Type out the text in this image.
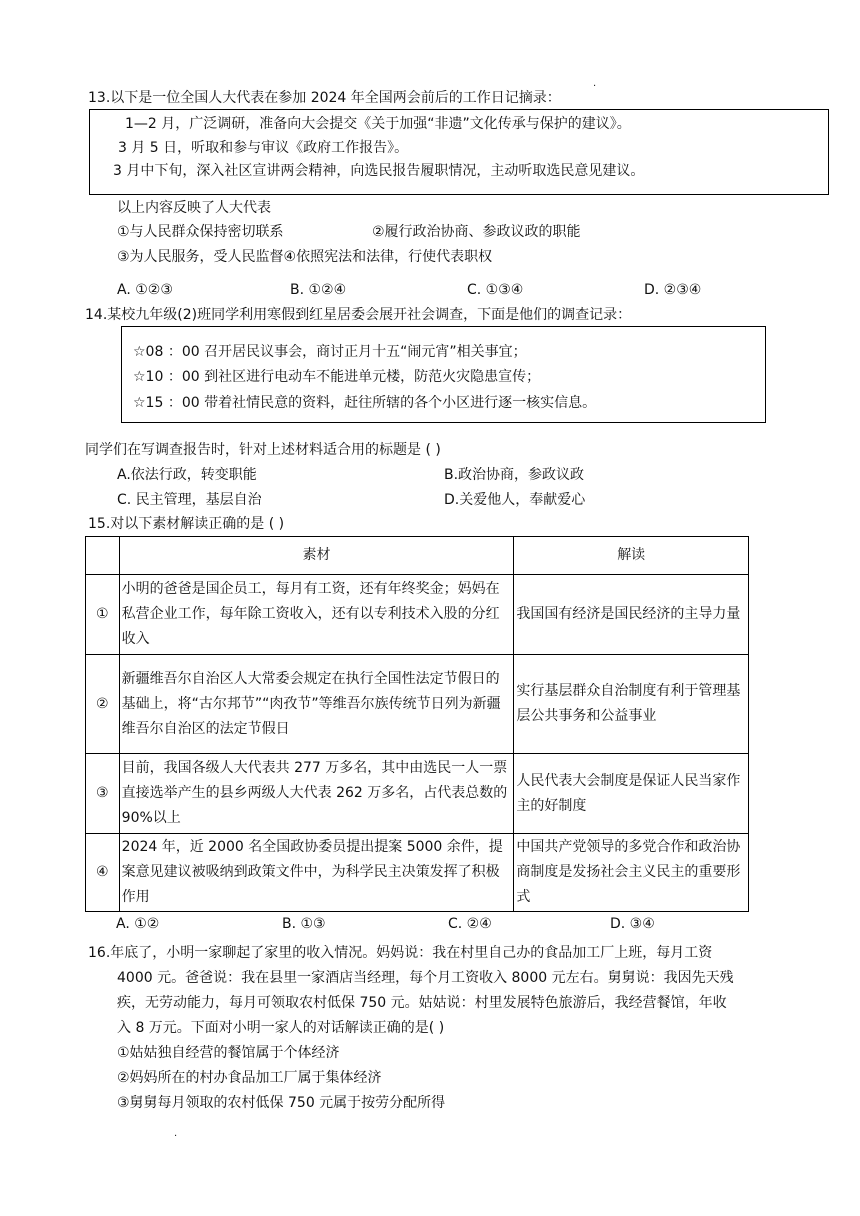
.
13.以下是一位全国人大代表在参加 2024 年全国两会前后的工作日记摘录：
1—2 月，广泛调研，准备向大会提交《关于加强“非遗”文化传承与保护的建议》。
3 月 5 日，听取和参与审议《政府工作报告》。
3 月中下旬，深入社区宣讲两会精神，向选民报告履职情况，主动听取选民意见建议。
以上内容反映了人大代表
①与人民群众保持密切联系	②履行政治协商、参政议政的职能
③为人民服务，受人民监督④依照宪法和法律，行使代表职权
A. ①②③	B. ①②④	C. ①③④	D. ②③④
14.某校九年级(2)班同学利用寒假到红星居委会展开社会调查，下面是他们的调查记录：
☆08 ：00 召开居民议事会，商讨正月十五“闹元宵”相关事宜；
☆10 ：00 到社区进行电动车不能进单元楼，防范火灾隐患宣传；
☆15 ：00 带着社情民意的资料，赶往所辖的各个小区进行逐一核实信息。
同学们在写调查报告时，针对上述材料适合用的标题是 ( )
A.依法行政，转变职能	B.政治协商，参政议政
C. 民主管理，基层自治	D.关爱他人，奉献爱心
15.对以下素材解读正确的是 ( )
	素材	解读
①	小明的爸爸是国企员工，每月有工资，还有年终奖金；妈妈在私营企业工作，每年除工资收入，还有以专利技术入股的分红收入	我国国有经济是国民经济的主导力量
②	新疆维吾尔自治区人大常委会规定在执行全国性法定节假日的基础上，将“古尔邦节”“肉孜节”等维吾尔族传统节日列为新疆维吾尔自治区的法定节假日	实行基层群众自治制度有利于管理基层公共事务和公益事业
③	目前，我国各级人大代表共 277 万多名，其中由选民一人一票直接选举产生的县乡两级人大代表 262 万多名，占代表总数的 90%以上	人民代表大会制度是保证人民当家作主的好制度
④	2024 年，近 2000 名全国政协委员提出提案 5000 余件，提案意见建议被吸纳到政策文件中，为科学民主决策发挥了积极作用	中国共产党领导的多党合作和政治协商制度是发扬社会主义民主的重要形式
A. ①②	B. ①③	C. ②④	D. ③④
16.年底了，小明一家聊起了家里的收入情况。妈妈说：我在村里自己办的食品加工厂上班，每月工资
4000 元。爸爸说：我在县里一家酒店当经理，每个月工资收入 8000 元左右。舅舅说：我因先天残
疾，无劳动能力，每月可领取农村低保 750 元。姑姑说：村里发展特色旅游后，我经营餐馆，年收
入 8 万元。下面对小明一家人的对话解读正确的是( )
①姑姑独自经营的餐馆属于个体经济
②妈妈所在的村办食品加工厂属于集体经济
③舅舅每月领取的农村低保 750 元属于按劳分配所得
.
